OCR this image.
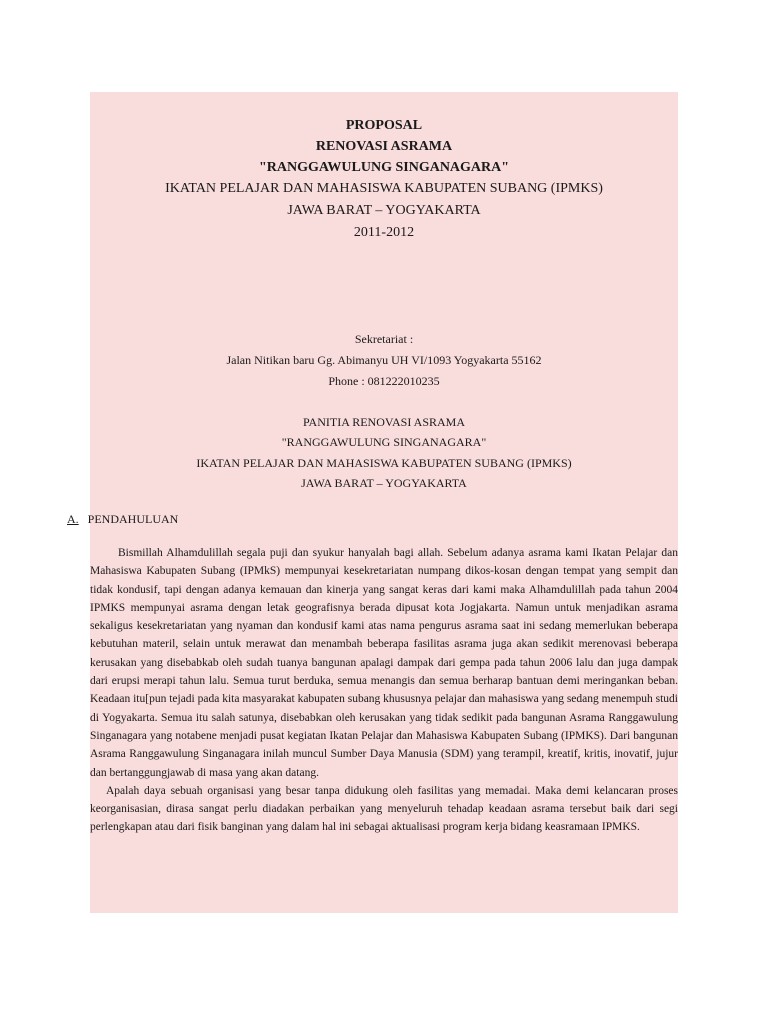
PROPOSAL
RENOVASI ASRAMA
"RANGGAWULUNG SINGANAGARA"
IKATAN PELAJAR DAN MAHASISWA KABUPATEN SUBANG (IPMKS)
JAWA BARAT – YOGYAKARTA
2011-2012
Sekretariat :
Jalan Nitikan baru Gg. Abimanyu UH VI/1093 Yogyakarta 55162
Phone : 081222010235
PANITIA RENOVASI ASRAMA
"RANGGAWULUNG SINGANAGARA"
IKATAN PELAJAR DAN MAHASISWA KABUPATEN SUBANG (IPMKS)
JAWA BARAT – YOGYAKARTA
A. PENDAHULUAN

Bismillah Alhamdulillah segala puji dan syukur hanyalah bagi allah. Sebelum adanya asrama kami Ikatan Pelajar dan Mahasiswa Kabupaten Subang (IPMkS) mempunyai kesekretariatan numpang dikos-kosan dengan tempat yang sempit dan tidak kondusif, tapi dengan adanya kemauan dan kinerja yang sangat keras dari kami maka Alhamdulillah pada tahun 2004 IPMKS mempunyai asrama dengan letak geografisnya berada dipusat kota Jogjakarta. Namun untuk menjadikan asrama sekaligus kesekretariatan yang nyaman dan kondusif kami atas nama pengurus asrama saat ini sedang memerlukan beberapa kebutuhan materil, selain untuk merawat dan menambah beberapa fasilitas asrama juga akan sedikit merenovasi beberapa kerusakan yang disebabkab oleh sudah tuanya bangunan apalagi dampak dari gempa pada tahun 2006 lalu dan juga dampak dari erupsi merapi tahun lalu. Semua turut berduka, semua menangis dan semua berharap bantuan demi meringankan beban. Keadaan itu[pun tejadi pada kita masyarakat kabupaten subang khususnya pelajar dan mahasiswa yang sedang menempuh studi di Yogyakarta. Semua itu salah satunya, disebabkan oleh kerusakan yang tidak sedikit pada bangunan Asrama Ranggawulung Singanagara yang notabene menjadi pusat kegiatan Ikatan Pelajar dan Mahasiswa Kabupaten Subang (IPMKS). Dari bangunan Asrama Ranggawulung Singanagara inilah muncul Sumber Daya Manusia (SDM) yang terampil, kreatif, kritis, inovatif, jujur dan bertanggungjawab di masa yang akan datang.

Apalah daya sebuah organisasi yang besar tanpa didukung oleh fasilitas yang memadai. Maka demi kelancaran proses keorganisasian, dirasa sangat perlu diadakan perbaikan yang menyeluruh tehadap keadaan asrama tersebut baik dari segi perlengkapan atau dari fisik banginan yang dalam hal ini sebagai aktualisasi program kerja bidang keasramaan IPMKS.
